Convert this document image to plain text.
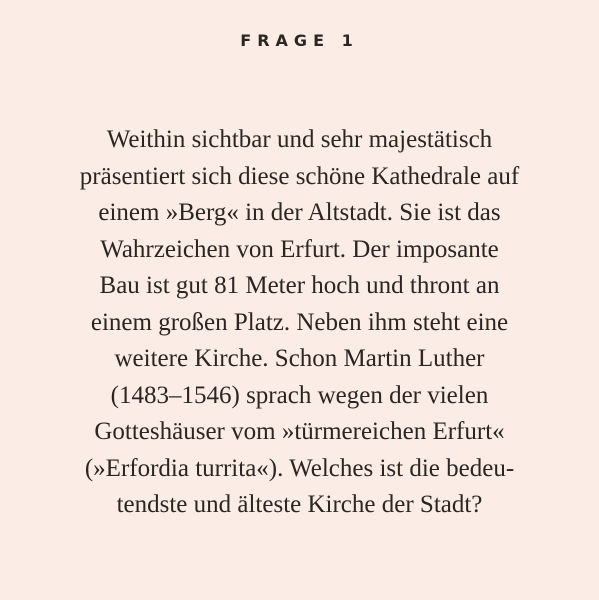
FRAGE 1
Weithin sichtbar und sehr majestätisch
präsentiert sich diese schöne Kathedrale auf
einem »Berg« in der Altstadt. Sie ist das
Wahrzeichen von Erfurt. Der imposante
Bau ist gut 81 Meter hoch und thront an
einem großen Platz. Neben ihm steht eine
weitere Kirche. Schon Martin Luther
(1483–1546) sprach wegen der vielen
Gotteshäuser vom »türmereichen Erfurt«
(»Erfordia turrita«). Welches ist die bedeu-
tendste und älteste Kirche der Stadt?
